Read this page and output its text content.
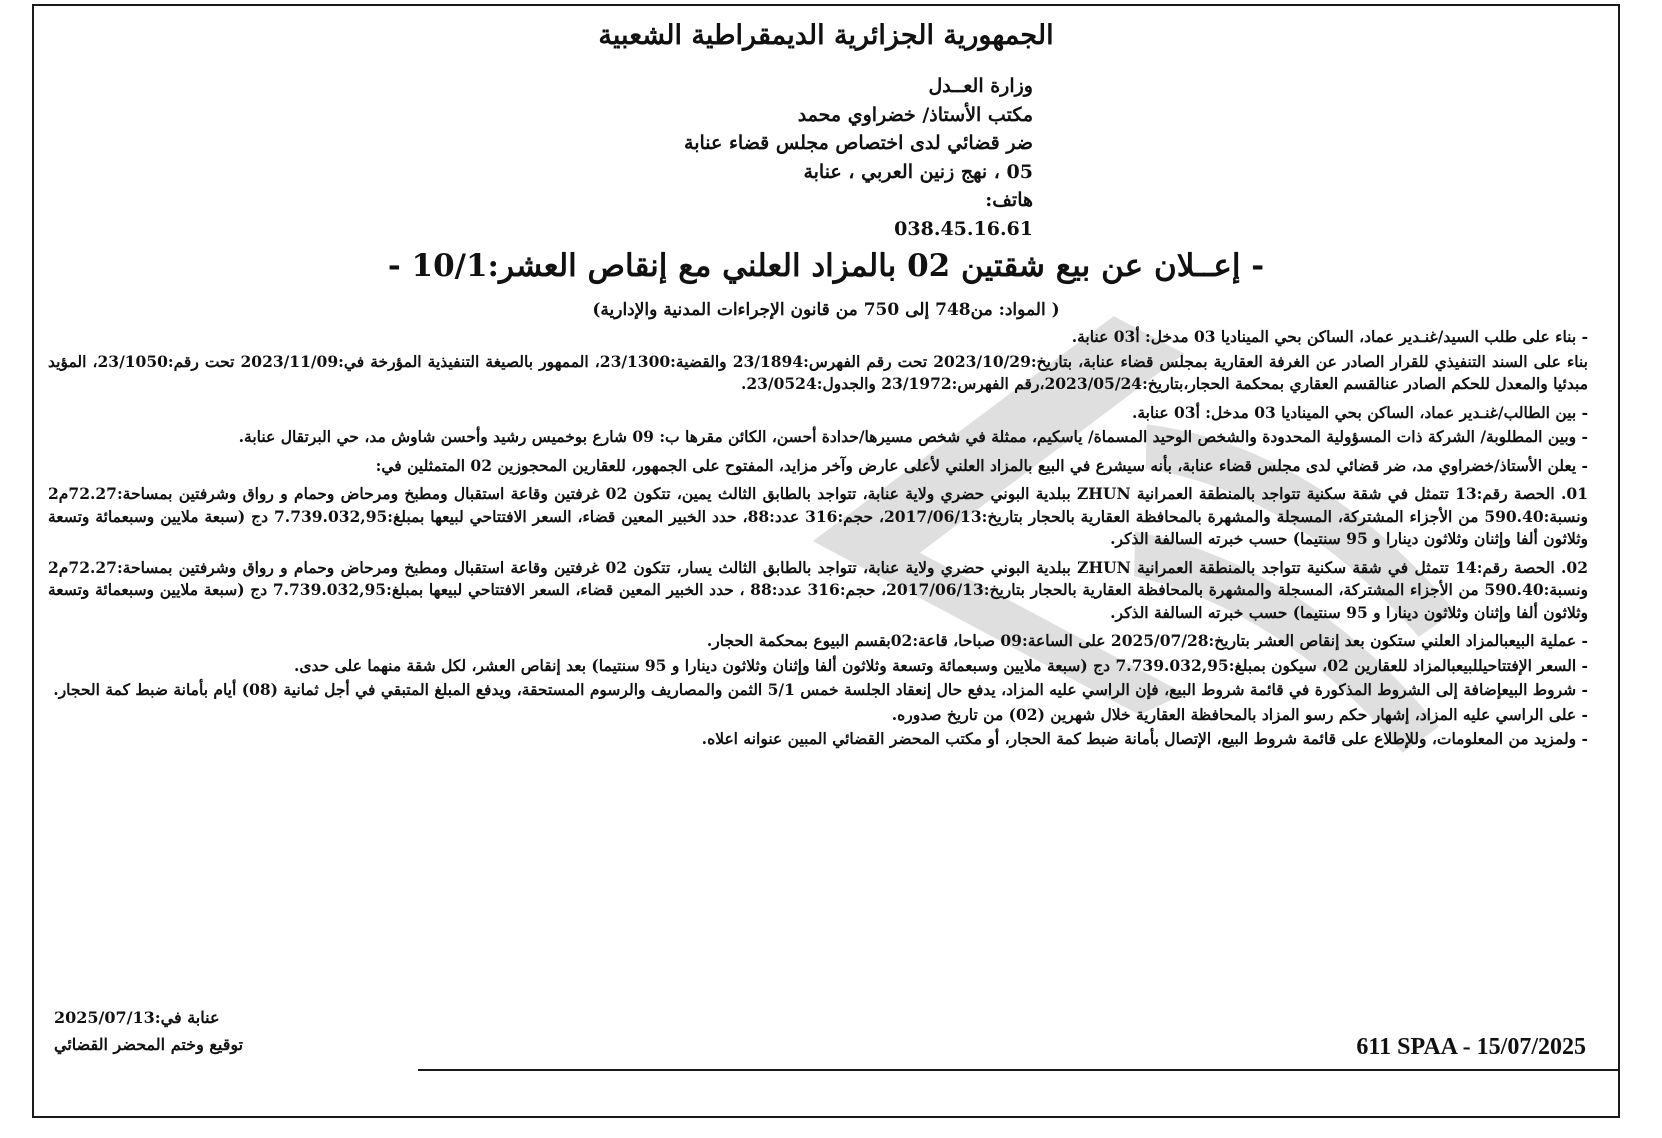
الجمهورية الجزائرية الديمقراطية الشعبية
وزارة العــدل
مكتب الأستاذ/ خضراوي محمد
ضر قضائي لدى اختصاص مجلس قضاء عنابة
05 ، نهج زنين العربي ، عنابة
هاتف:
038.45.16.61
- إعــلان عن بيع شقتين 02 بالمزاد العلني مع إنقاص العشر:10/1 -
( المواد: من748 إلى 750 من قانون الإجراءات المدنية والإدارية)

- بناء على طلب السيد/غنـدير عماد، الساكن بحي الميناديا 03 مدخل: أ03 عنابة.

بناء على السند التنفيذي للقرار الصادر عن الغرفة العقارية بمجلس قضاء عنابة، بتاريخ:2023/10/29 تحت رقم الفهرس:23/1894 والقضية:23/1300، الممهور بالصيغة التنفيذية المؤرخة في:2023/11/09 تحت رقم:23/1050، المؤيد مبدئيا والمعدل للحكم الصادر عنالقسم العقاري بمحكمة الحجار،بتاريخ:2023/05/24،رقم الفهرس:23/1972 والجدول:23/0524.

- بين الطالب/غنـدير عماد، الساكن بحي الميناديا 03 مدخل: أ03 عنابة.

- وبين المطلوبة/ الشركة ذات المسؤولية المحدودة والشخص الوحيد المسماة/ ياسكيم، ممثلة في شخص مسيرها/حدادة أحسن، الكائن مقرها ب: 09 شارع بوخميس رشيد وأحسن شاوش مد، حي البرتقال عنابة.

- يعلن الأستاذ/خضراوي مد، ضر قضائي لدى مجلس قضاء عنابة، بأنه سيشرع في البيع بالمزاد العلني لأعلى عارض وآخر مزايد، المفتوح على الجمهور، للعقارين المحجوزين 02 المتمثلين في:

01. الحصة رقم:13 تتمثل في شقة سكنية تتواجد بالمنطقة العمرانية ZHUN ببلدية البوني حضري ولاية عنابة، تتواجد بالطابق الثالث يمين، تتكون 02 غرفتين وقاعة استقبال ومطبخ ومرحاض وحمام و رواق وشرفتين بمساحة:72.27م2 ونسبة:590.40 من الأجزاء المشتركة، المسجلة والمشهرة بالمحافظة العقارية بالحجار بتاريخ:2017/06/13، حجم:316 عدد:88، حدد الخبير المعين قضاء، السعر الافتتاحي لبيعها بمبلغ:7.739.032,95 دج (سبعة ملايين وسبعمائة وتسعة وثلاثون ألفا وإثنان وثلاثون دينارا و 95 سنتيما) حسب خبرته السالفة الذكر.

02. الحصة رقم:14 تتمثل في شقة سكنية تتواجد بالمنطقة العمرانية ZHUN ببلدية البوني حضري ولاية عنابة، تتواجد بالطابق الثالث يسار، تتكون 02 غرفتين وقاعة استقبال ومطبخ ومرحاض وحمام و رواق وشرفتين بمساحة:72.27م2 ونسبة:590.40 من الأجزاء المشتركة، المسجلة والمشهرة بالمحافظة العقارية بالحجار بتاريخ:2017/06/13، حجم:316 عدد:88 ، حدد الخبير المعين قضاء، السعر الافتتاحي لبيعها بمبلغ:7.739.032,95 دج (سبعة ملايين وسبعمائة وتسعة وثلاثون ألفا وإثنان وثلاثون دينارا و 95 سنتيما) حسب خبرته السالفة الذكر.

- عملية البيعبالمزاد العلني ستكون بعد إنقاص العشر بتاريخ:2025/07/28 على الساعة:09 صباحا، قاعة:02بقسم البيوع بمحكمة الحجار.

- السعر الإفتتاحيللبيعبالمزاد للعقارين 02، سيكون بمبلغ:7.739.032,95 دج (سبعة ملايين وسبعمائة وتسعة وثلاثون ألفا وإثنان وثلاثون دينارا و 95 سنتيما) بعد إنقاص العشر، لكل شقة منهما على حدى.

- شروط البيعإضافة إلى الشروط المذكورة في قائمة شروط البيع، فإن الراسي عليه المزاد، يدفع حال إنعقاد الجلسة خمس 5/1 الثمن والمصاريف والرسوم المستحقة، ويدفع المبلغ المتبقي في أجل ثمانية (08) أيام بأمانة ضبط كمة الحجار.

- على الراسي عليه المزاد، إشهار حكم رسو المزاد بالمحافظة العقارية خلال شهرين (02) من تاريخ صدوره.

- ولمزيد من المعلومات، وللإطلاع على قائمة شروط البيع، الإتصال بأمانة ضبط كمة الحجار، أو مكتب المحضر القضائي المبين عنوانه اعلاه.

عنابة في:2025/07/13
توقيع وختم المحضر القضائي	611 SPAA - 15/07/2025
